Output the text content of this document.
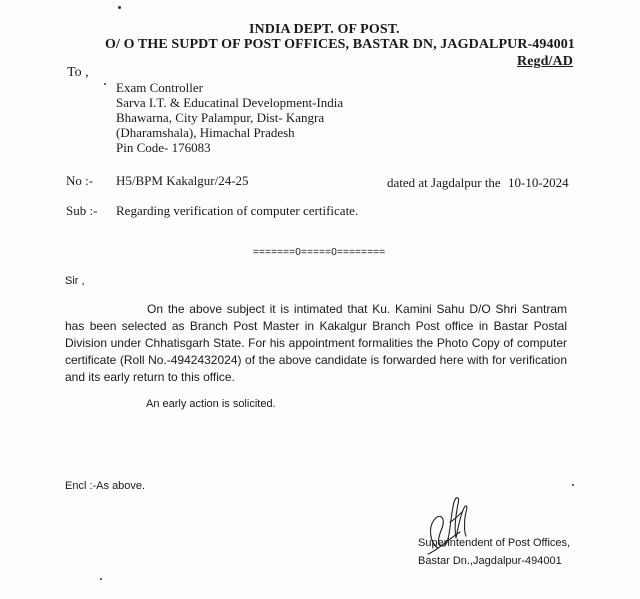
INDIA DEPT. OF POST.
O/ O THE SUPDT OF POST OFFICES, BASTAR DN, JAGDALPUR-494001
Regd/AD
To ,
Exam Controller
Sarva I.T. & Educatinal Development-India
Bhawarna, City Palampur, Dist- Kangra
(Dharamshala), Himachal Pradesh
Pin Code- 176083
No :- H5/BPM Kakalgur/24-25	dated at Jagdalpur the 10-10-2024
Sub :- Regarding verification of computer certificate.
=======0=====0========
Sir ,
On the above subject it is intimated that Ku. Kamini Sahu D/O Shri Santram has been selected as Branch Post Master in Kakalgur Branch Post office in Bastar Postal Division under Chhatisgarh State. For his appointment formalities the Photo Copy of computer certificate (Roll No.-4942432024) of the above candidate is forwarded here with for verification and its early return to this office.
An early action is solicited.
Encl :-As above.
Superintendent of Post Offices,
Bastar Dn.,Jagdalpur-494001
